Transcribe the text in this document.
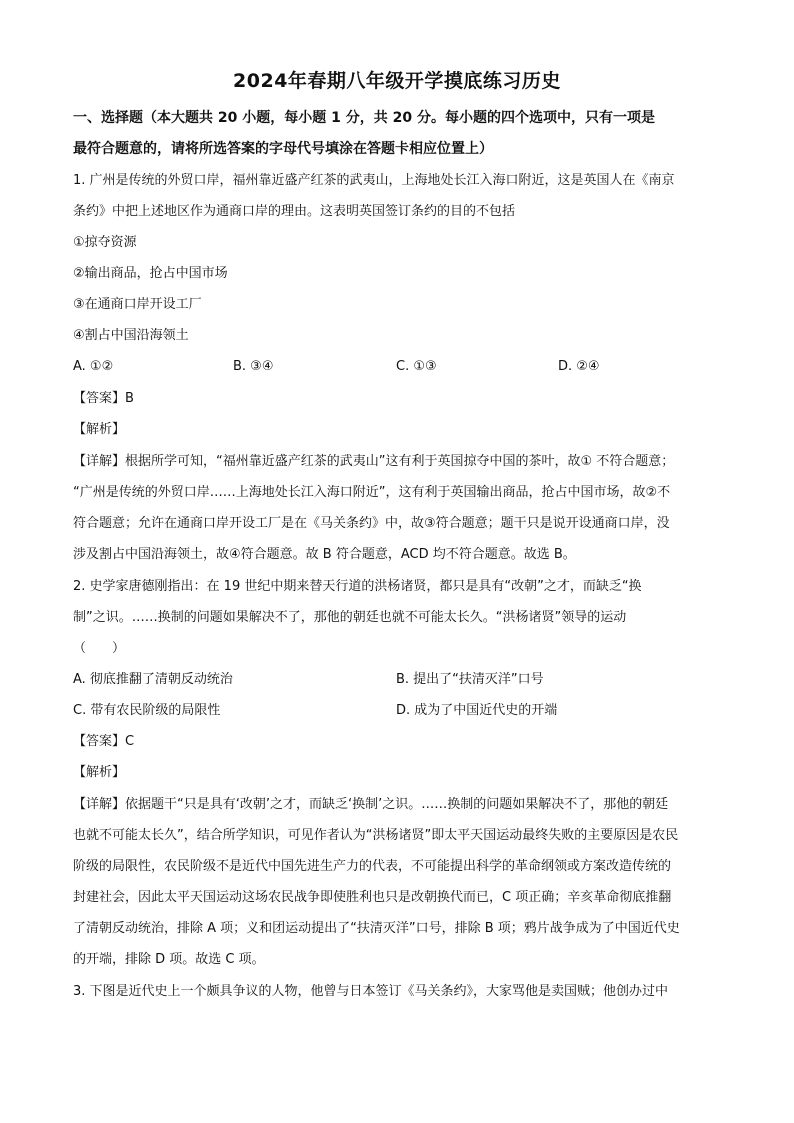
2024年春期八年级开学摸底练习历史
一、选择题（本大题共 20 小题，每小题 1 分，共 20 分。每小题的四个选项中，只有一项是
最符合题意的，请将所选答案的字母代号填涂在答题卡相应位置上）
1. 广州是传统的外贸口岸，福州靠近盛产红茶的武夷山，上海地处长江入海口附近，这是英国人在《南京
条约》中把上述地区作为通商口岸的理由。这表明英国签订条约的目的不包括
①掠夺资源
②输出商品，抢占中国市场
③在通商口岸开设工厂
④割占中国沿海领土
A. ①②	B. ③④	C. ①③	D. ②④
【答案】B
【解析】
【详解】根据所学可知，“福州靠近盛产红茶的武夷山”这有利于英国掠夺中国的茶叶，故① 不符合题意；
“广州是传统的外贸口岸……上海地处长江入海口附近”，这有利于英国输出商品，抢占中国市场，故②不
符合题意；允许在通商口岸开设工厂是在《马关条约》中，故③符合题意；题干只是说开设通商口岸，没
涉及割占中国沿海领土，故④符合题意。故 B 符合题意，ACD 均不符合题意。故选 B。
2. 史学家唐德刚指出：在 19 世纪中期来替天行道的洪杨诸贤，都只是具有“改朝”之才，而缺乏“换
制”之识。……换制的问题如果解决不了，那他的朝廷也就不可能太长久。“洪杨诸贤”领导的运动
（　　）
A. 彻底推翻了清朝反动统治	B. 提出了“扶清灭洋”口号
C. 带有农民阶级的局限性	D. 成为了中国近代史的开端
【答案】C
【解析】
【详解】依据题干“只是具有‘改朝’之才，而缺乏‘换制’之识。……换制的问题如果解决不了，那他的朝廷
也就不可能太长久”，结合所学知识，可见作者认为“洪杨诸贤”即太平天国运动最终失败的主要原因是农民
阶级的局限性，农民阶级不是近代中国先进生产力的代表，不可能提出科学的革命纲领或方案改造传统的
封建社会，因此太平天国运动这场农民战争即使胜利也只是改朝换代而已，C 项正确；辛亥革命彻底推翻
了清朝反动统治，排除 A 项；义和团运动提出了“扶清灭洋”口号，排除 B 项；鸦片战争成为了中国近代史
的开端，排除 D 项。故选 C 项。
3. 下图是近代史上一个颇具争议的人物，他曾与日本签订《马关条约》，大家骂他是卖国贼；他创办过中
